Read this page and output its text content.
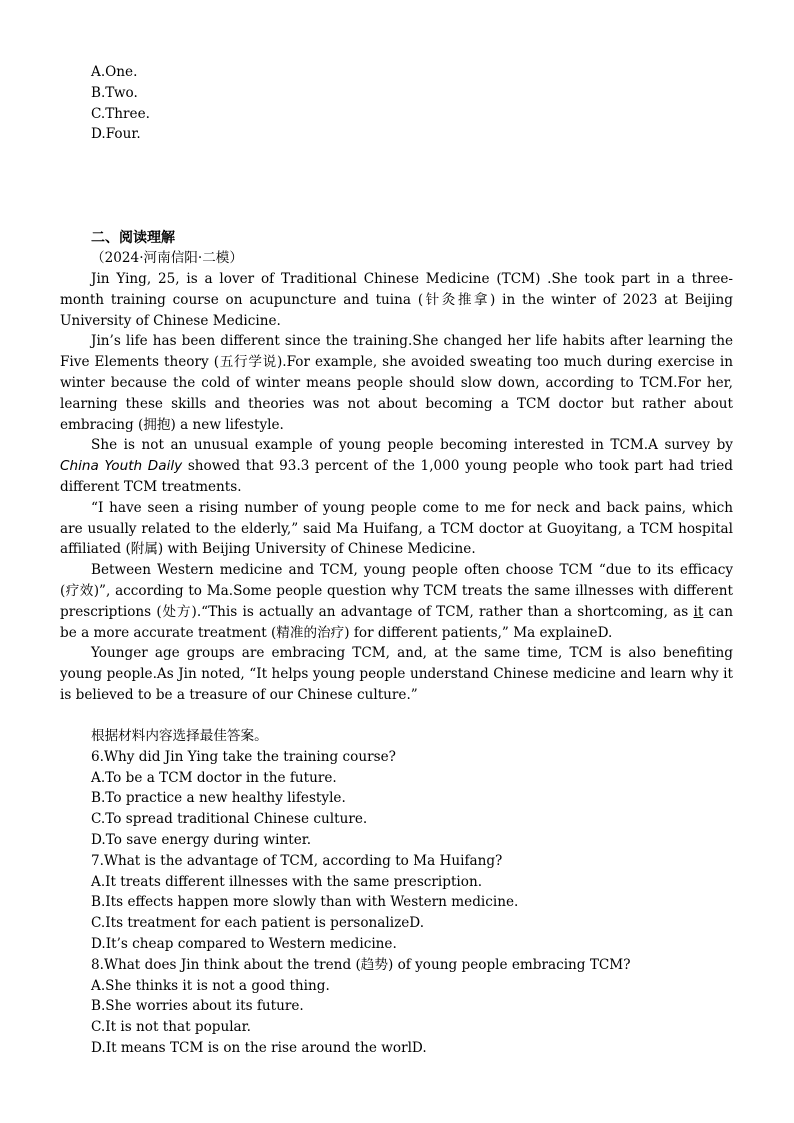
A.One.
B.Two.
C.Three.
D.Four.
二、阅读理解
（2024·河南信阳·二模）

Jin Ying, 25, is a lover of Traditional Chinese Medicine (TCM) .She took part in a three-month training course on acupuncture and tuina (针灸推拿) in the winter of 2023 at Beijing University of Chinese Medicine.

Jin’s life has been different since the training.She changed her life habits after learning the Five Elements theory (五行学说).For example, she avoided sweating too much during exercise in winter because the cold of winter means people should slow down, according to TCM.For her, learning these skills and theories was not about becoming a TCM doctor but rather about embracing (拥抱) a new lifestyle.

She is not an unusual example of young people becoming interested in TCM.A survey by China Youth Daily showed that 93.3 percent of the 1,000 young people who took part had tried different TCM treatments.

“I have seen a rising number of young people come to me for neck and back pains, which are usually related to the elderly,” said Ma Huifang, a TCM doctor at Guoyitang, a TCM hospital affiliated (附属) with Beijing University of Chinese Medicine.

Between Western medicine and TCM, young people often choose TCM “due to its efficacy (疗效)”, according to Ma.Some people question why TCM treats the same illnesses with different prescriptions (处方).“This is actually an advantage of TCM, rather than a shortcoming, as it can be a more accurate treatment (精准的治疗) for different patients,” Ma explaineD.

Younger age groups are embracing TCM, and, at the same time, TCM is also benefiting young people.As Jin noted, “It helps young people understand Chinese medicine and learn why it is believed to be a treasure of our Chinese culture.”

根据材料内容选择最佳答案。
6.Why did Jin Ying take the training course?
A.To be a TCM doctor in the future.
B.To practice a new healthy lifestyle.
C.To spread traditional Chinese culture.
D.To save energy during winter.
7.What is the advantage of TCM, according to Ma Huifang?
A.It treats different illnesses with the same prescription.
B.Its effects happen more slowly than with Western medicine.
C.Its treatment for each patient is personalizeD.
D.It’s cheap compared to Western medicine.
8.What does Jin think about the trend (趋势) of young people embracing TCM?
A.She thinks it is not a good thing.
B.She worries about its future.
C.It is not that popular.
D.It means TCM is on the rise around the worlD.
